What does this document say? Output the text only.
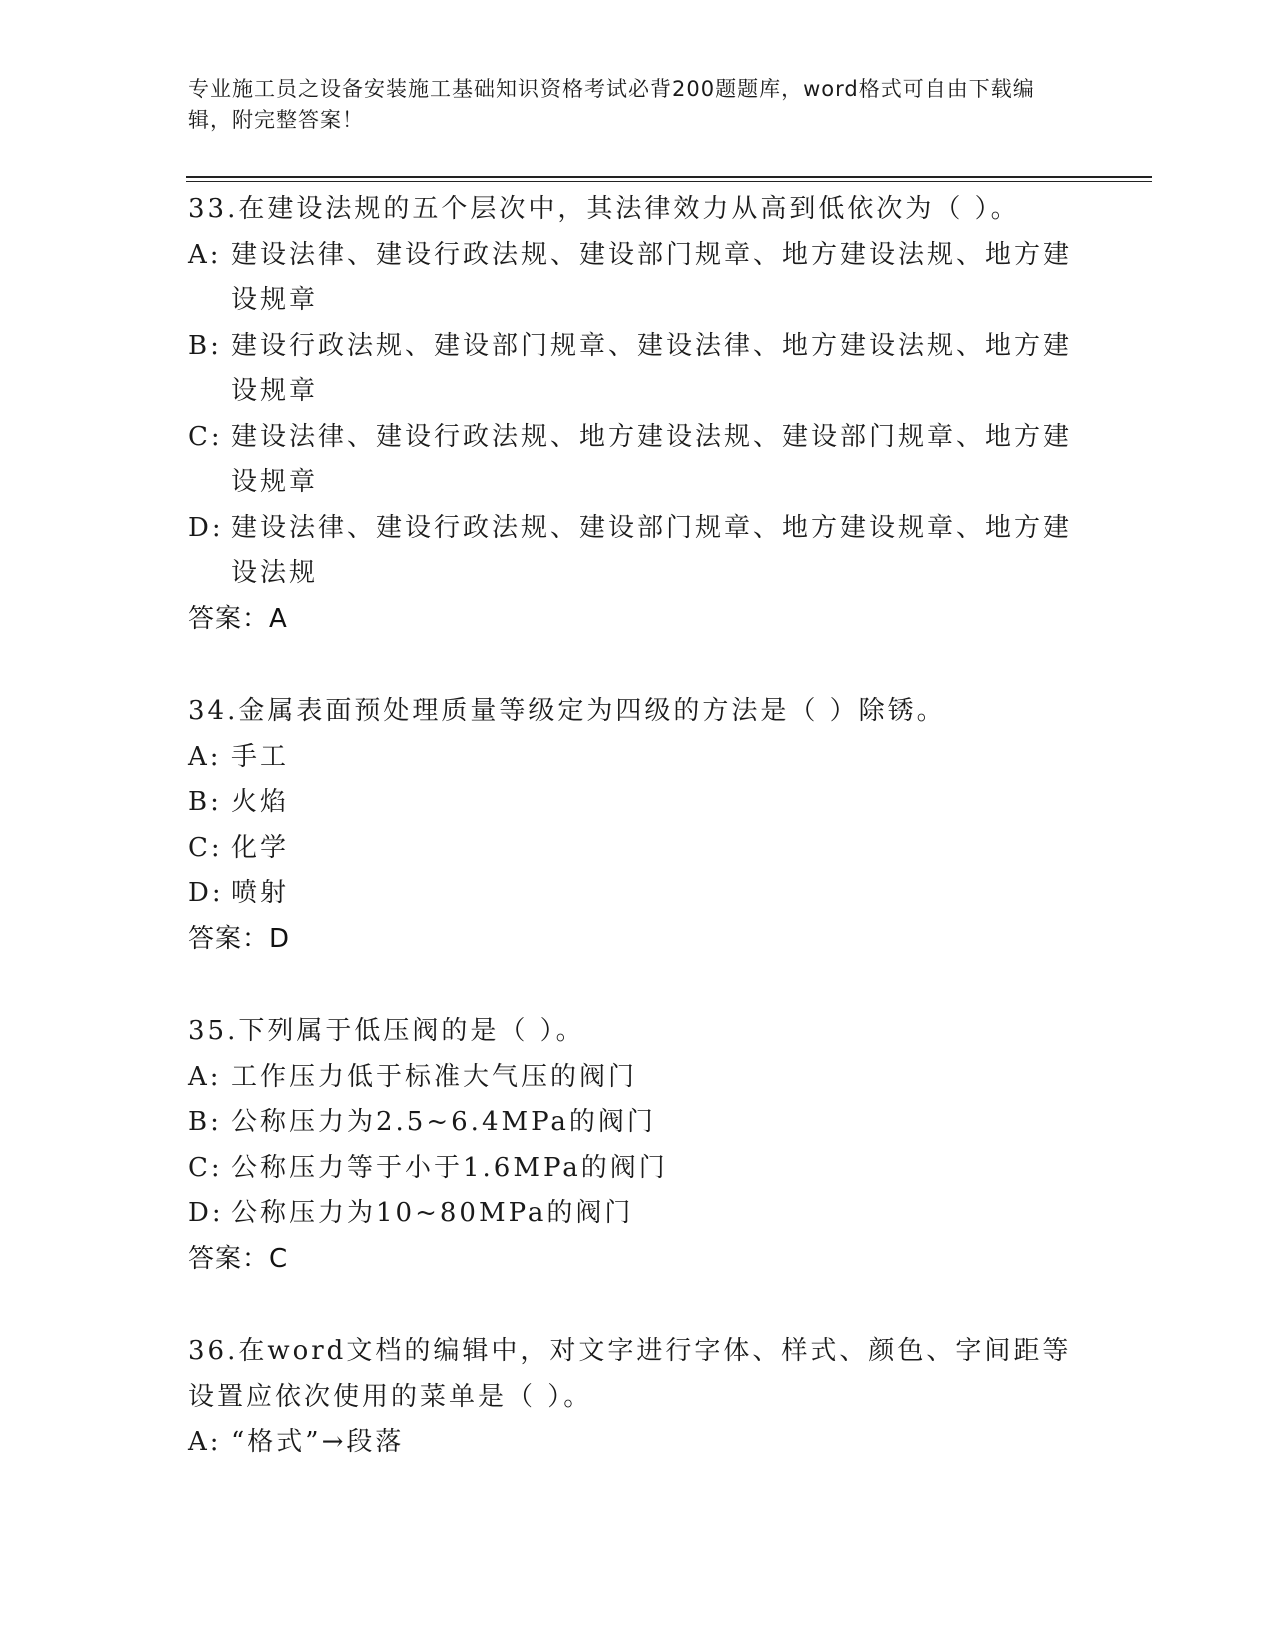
专业施工员之设备安装施工基础知识资格考试必背200题题库，word格式可自由下载编辑，附完整答案！
33.在建设法规的五个层次中，其法律效力从高到低依次为（ ）。
A: 建设法律、建设行政法规、建设部门规章、地方建设法规、地方建设规章
B: 建设行政法规、建设部门规章、建设法律、地方建设法规、地方建设规章
C: 建设法律、建设行政法规、地方建设法规、建设部门规章、地方建设规章
D: 建设法律、建设行政法规、建设部门规章、地方建设规章、地方建设法规
答案：A
34.金属表面预处理质量等级定为四级的方法是（ ）除锈。
A: 手工
B: 火焰
C: 化学
D: 喷射
答案：D
35.下列属于低压阀的是（ ）。
A: 工作压力低于标准大气压的阀门
B: 公称压力为2.5~6.4MPa的阀门
C: 公称压力等于小于1.6MPa的阀门
D: 公称压力为10~80MPa的阀门
答案：C
36.在word文档的编辑中，对文字进行字体、样式、颜色、字间距等设置应依次使用的菜单是（ ）。
A: “格式”→段落
